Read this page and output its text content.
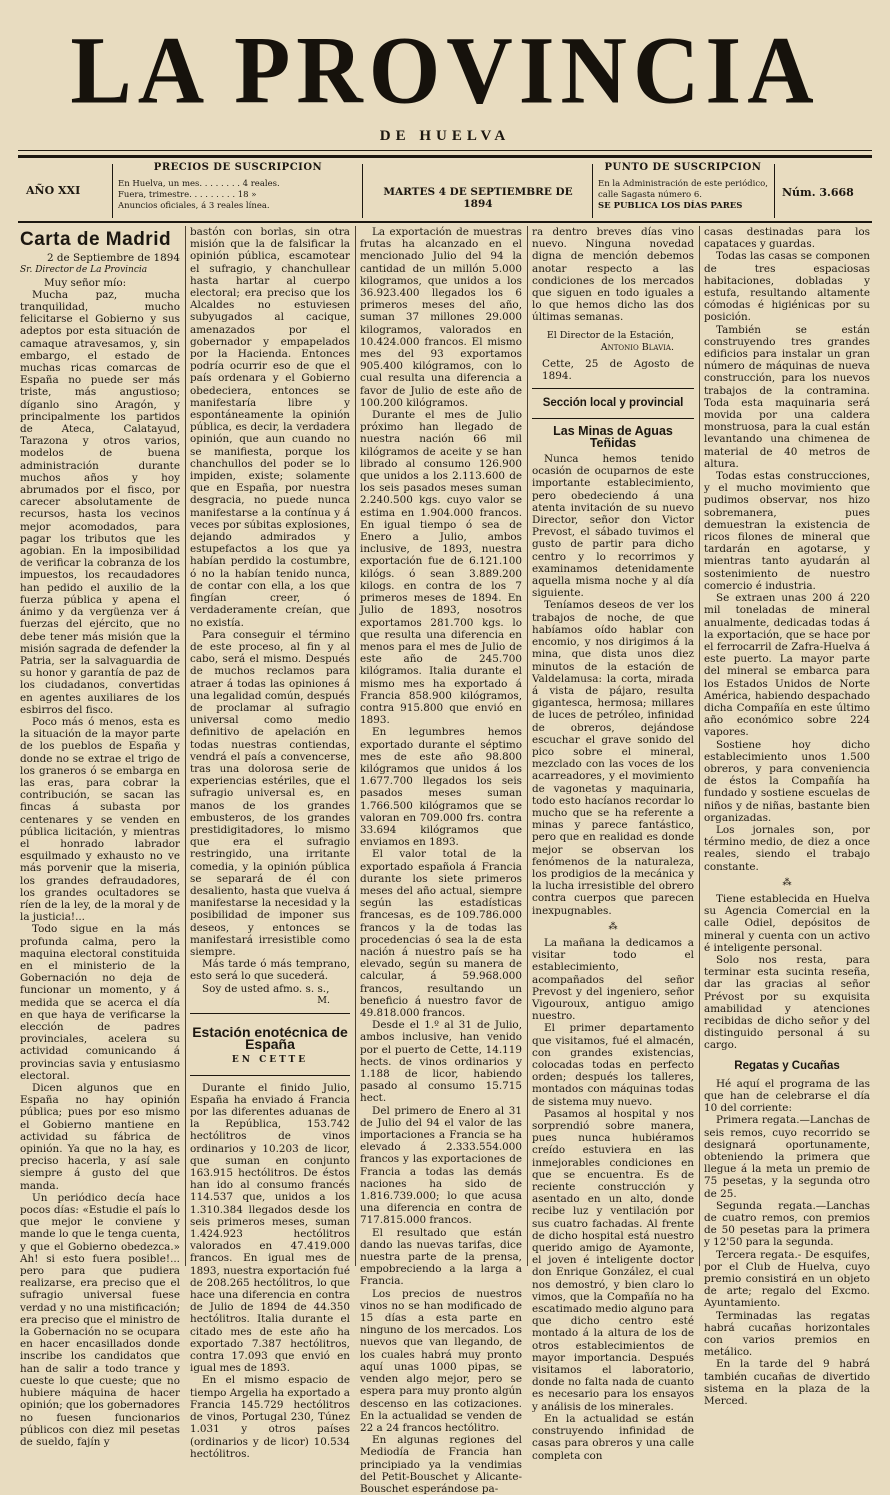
LA PROVINCIA
DE HUELVA
AÑO XXI
PRECIOS DE SUSCRIPCION
En Huelva, un mes. . . . . . . . 4 reales.
Fuera, trimestre. . . . . . . . . 18 »
Anuncios oficiales, á 3 reales línea.
MARTES 4 DE SEPTIEMBRE DE 1894
PUNTO DE SUSCRIPCION
En la Administración de este periódico,
calle Sagasta número 6.
SE PUBLICA LOS DÍAS PARES
Núm. 3.668
Carta de Madrid
2 de Septiembre de 1894
Sr. Director de La Provincia
Muy señor mío:

Mucha paz, mucha tranquilidad, mucho felicitarse el Gobierno y sus adeptos por esta situación de camaque atravesamos, y, sin embargo, el estado de muchas ricas comarcas de España no puede ser más triste, más angustioso; díganlo sino Aragón, y principalmente los partidos de Ateca, Calatayud, Tarazona y otros varios, modelos de buena administración durante muchos años y hoy abrumados por el fisco, por carecer absolutamente de recursos, hasta los vecinos mejor acomodados, para pagar los tributos que les agobian. En la imposibilidad de verificar la cobranza de los impuestos, los recaudadores han pedido el auxilio de la fuerza pública y apena el ánimo y da vergüenza ver á fuerzas del ejército, que no debe tener más misión que la misión sagrada de defender la Patria, ser la salvaguardia de su honor y garantía de paz de los ciudadanos, convertidas en agentes auxiliares de los esbirros del fisco.

Poco más ó menos, esta es la situación de la mayor parte de los pueblos de España y donde no se extrae el trigo de los graneros ó se embarga en las eras, para cobrar la contribución, se sacan las fincas á subasta por centenares y se venden en pública licitación, y mientras el honrado labrador esquilmado y exhausto no ve más porvenir que la miseria, los grandes defraudadores, los grandes ocultadores se ríen de la ley, de la moral y de la justicia!...

Todo sigue en la más profunda calma, pero la maquina electoral constituida en el ministerio de la Gobernación no deja de funcionar un momento, y á medida que se acerca el día en que haya de verificarse la elección de padres provinciales, acelera su actividad comunicando á provincias savia y entusiasmo electoral.

Dicen algunos que en España no hay opinión pública; pues por eso mismo el Gobierno mantiene en actividad su fábrica de opinión. Ya que no la hay, es preciso hacerla, y así sale siempre á gusto del que manda.

Un periódico decía hace pocos días: «Estudie el país lo que mejor le conviene y mande lo que le tenga cuenta, y que el Gobierno obedezca.» Ah! si esto fuera posible!... pero para que pudiera realizarse, era preciso que el sufragio universal fuese verdad y no una mistificación; era preciso que el ministro de la Gobernación no se ocupara en hacer encasillados donde inscribe los candidatos que han de salir a todo trance y cueste lo que cueste; que no hubiere máquina de hacer opinión; que los gobernadores no fuesen funcionarios públicos con diez mil pesetas de sueldo, fajín y

bastón con borlas, sin otra misión que la de falsificar la opinión pública, escamotear el sufragio, y chanchullear hasta hartar al cuerpo electoral; era preciso que los Alcaldes no estuviesen subyugados al cacique, amenazados por el gobernador y empapelados por la Hacienda. Entonces podría ocurrir eso de que el país ordenara y el Gobierno obedeciera, entonces se manifestaría libre y espontáneamente la opinión pública, es decir, la verdadera opinión, que aun cuando no se manifiesta, porque los chanchullos del poder se lo impiden, existe; solamente que en España, por nuestra desgracia, no puede nunca manifestarse a la contínua y á veces por súbitas explosiones, dejando admirados y estupefactos a los que ya habían perdido la costumbre, ó no la habían tenido nunca, de contar con ella, a los que fingían creer, ó verdaderamente creían, que no existía.

Para conseguir el término de este proceso, al fin y al cabo, será el mismo. Después de muchos reclamos para atraer á todas las opiniones á una legalidad común, después de proclamar al sufragio universal como medio definitivo de apelación en todas nuestras contiendas, vendrá el país a convencerse, tras una dolorosa serie de experiencias estériles, que el sufragio universal es, en manos de los grandes embusteros, de los grandes prestidigitadores, lo mismo que era el sufragio restringido, una irritante comedia, y la opinión pública se separará de él con desaliento, hasta que vuelva á manifestarse la necesidad y la posibilidad de imponer sus deseos, y entonces se manifestará irresistible como siempre.

Más tarde ó más temprano, esto será lo que sucederá.

Soy de usted afmo. s. s.,

M.
Estación enotécnica de España
EN CETTE

Durante el finido Julio, España ha enviado á Francia por las diferentes aduanas de la República, 153.742 hectólitros de vinos ordinarios y 10.203 de licor, que suman en conjunto 163.915 hectólitros. De éstos han ido al consumo francés 114.537 que, unidos a los 1.310.384 llegados desde los seis primeros meses, suman 1.424.923 hectólitros valorados en 47.419.000 francos. En igual mes de 1893, nuestra exportación fué de 208.265 hectólitros, lo que hace una diferencia en contra de Julio de 1894 de 44.350 hectólitros. Italia durante el citado mes de este año ha exportado 7.387 hectólitros, contra 17.093 que envió en igual mes de 1893.

En el mismo espacio de tiempo Argelia ha exportado a Francia 145.729 hectólitros de vinos, Portugal 230, Túnez 1.031 y otros países (ordinarios y de licor) 10.534 hectólitros.

La exportación de muestras frutas ha alcanzado en el mencionado Julio del 94 la cantidad de un millón 5.000 kilogramos, que unidos a los 36.923.400 llegados los 6 primeros meses del año, suman 37 millones 29.000 kilogramos, valorados en 10.424.000 francos. El mismo mes del 93 exportamos 905.400 kilógramos, con lo cual resulta una diferencia a favor de Julio de este año de 100.200 kilógramos.

Durante el mes de Julio próximo han llegado de nuestra nación 66 mil kilógramos de aceite y se han librado al consumo 126.900 que unidos a los 2.113.600 de los seis pasados meses suman 2.240.500 kgs. cuyo valor se estima en 1.904.000 francos. En igual tiempo ó sea de Enero a Julio, ambos inclusive, de 1893, nuestra exportación fue de 6.121.100 kilógs. ó sean 3.889.200 kilogs. en contra de los 7 primeros meses de 1894. En Julio de 1893, nosotros exportamos 281.700 kgs. lo que resulta una diferencia en menos para el mes de Julio de este año de 245.700 kilógramos. Italia durante el mismo mes ha exportado á Francia 858.900 kilógramos, contra 915.800 que envió en 1893.

En legumbres hemos exportado durante el séptimo mes de este año 98.800 kilógramos que unidos á los 1.677.700 llegados los seis pasados meses suman 1.766.500 kilógramos que se valoran en 709.000 frs. contra 33.694 kilógramos que enviamos en 1893.

El valor total de la exportado española á Francia durante los siete primeros meses del año actual, siempre según las estadísticas francesas, es de 109.786.000 francos y la de todas las procedencias ó sea la de esta nación á nuestro país se ha elevado, según su manera de calcular, á 59.968.000 francos, resultando un beneficio á nuestro favor de 49.818.000 francos.

Desde el 1.º al 31 de Julio, ambos inclusive, han venido por el puerto de Cette, 14.119 hects. de vinos ordinarios y 1.188 de licor, habiendo pasado al consumo 15.715 hect.

Del primero de Enero al 31 de Julio del 94 el valor de las importaciones a Francia se ha elevado á 2.333.554.000 francos y las exportaciones de Francia a todas las demás naciones ha sido de 1.816.739.000; lo que acusa una diferencia en contra de 717.815.000 francos.

El resultado que están dando las nuevas tarifas, dice nuestra parte de la prensa, empobreciendo a la larga a Francia.

Los precios de nuestros vinos no se han modificado de 15 días a esta parte en ninguno de los mercados. Los nuevos que van llegando, de los cuales habrá muy pronto aquí unas 1000 pipas, se venden algo mejor, pero se espera para muy pronto algún descenso en las cotizaciones. En la actualidad se venden de 22 a 24 francos hectólitro.

En algunas regiones del Mediodía de Francia han principiado ya la vendimias del Petit-Bouschet y Alicante-Bouschet esperándose pa-

ra dentro breves días vino nuevo. Ninguna novedad digna de mención debemos anotar respecto a las condiciones de los mercados que siguen en todo iguales a lo que hemos dicho las dos últimas semanas.

El Director de la Estación,
Antonio Blavia.
Cette, 25 de Agosto de 1894.
Sección local y provincial
Las Minas de Aguas Teñidas

Nunca hemos tenido ocasión de ocuparnos de este importante establecimiento, pero obedeciendo á una atenta invitación de su nuevo Director, señor don Victor Prevost, el sábado tuvimos el gusto de partir para dicho centro y lo recorrimos y examinamos detenidamente aquella misma noche y al día siguiente.

Teníamos deseos de ver los trabajos de noche, de que habíamos oído hablar con encomio, y nos dirigimos á la mina, que dista unos diez minutos de la estación de Valdelamusa: la corta, mirada á vista de pájaro, resulta gigantesca, hermosa; millares de luces de petróleo, infinidad de obreros, dejándose escuchar el grave sonido del pico sobre el mineral, mezclado con las voces de los acarreadores, y el movimiento de vagonetas y maquinaria, todo esto hacíanos recordar lo mucho que se ha referente a minas y parece fantástico, pero que en realidad es donde mejor se observan los fenómenos de la naturaleza, los prodigios de la mecánica y la lucha irresistible del obrero contra cuerpos que parecen inexpugnables.

⁂

La mañana la dedicamos a visitar todo el establecimiento, acompañados del señor Prevost y del ingeniero, señor Vigouroux, antiguo amigo nuestro.

El primer departamento que visitamos, fué el almacén, con grandes existencias, colocadas todas en perfecto orden; después los talleres, montados con máquinas todas de sistema muy nuevo.

Pasamos al hospital y nos sorprendió sobre manera, pues nunca hubiéramos creído estuviera en las inmejorables condiciones en que se encuentra. Es de reciente construcción y asentado en un alto, donde recibe luz y ventilación por sus cuatro fachadas. Al frente de dicho hospital está nuestro querido amigo de Ayamonte, el joven é inteligente doctor don Enrique González, el cual nos demostró, y bien claro lo vimos, que la Compañía no ha escatimado medio alguno para que dicho centro esté montado á la altura de los de otros establecimientos de mayor importancia. Después visitamos el laboratorio, donde no falta nada de cuanto es necesario para los ensayos y análisis de los minerales.

En la actualidad se están construyendo infinidad de casas para obreros y una calle completa con

casas destinadas para los capataces y guardas.

Todas las casas se componen de tres espaciosas habitaciones, dobladas y estufa, resultando altamente cómodas é higiénicas por su posición.

También se están construyendo tres grandes edificios para instalar un gran número de máquinas de nueva construcción, para los nuevos trabajos de la contramina. Toda esta maquinaria será movida por una caldera monstruosa, para la cual están levantando una chimenea de material de 40 metros de altura.

Todas estas construcciones, y el mucho movimiento que pudimos observar, nos hizo sobremanera, pues demuestran la existencia de ricos filones de mineral que tardarán en agotarse, y mientras tanto ayudarán al sostenimiento de nuestro comercio é industria.

Se extraen unas 200 á 220 mil toneladas de mineral anualmente, dedicadas todas á la exportación, que se hace por el ferrocarril de Zafra-Huelva á este puerto. La mayor parte del mineral se embarca para los Estados Unidos de Norte América, habiendo despachado dicha Compañía en este último año económico sobre 224 vapores.

Sostiene hoy dicho establecimiento unos 1.500 obreros, y para conveniencia de éstos la Compañía ha fundado y sostiene escuelas de niños y de niñas, bastante bien organizadas.

Los jornales son, por término medio, de diez a once reales, siendo el trabajo constante.

⁂

Tiene establecida en Huelva su Agencia Comercial en la calle Odiel, depósitos de mineral y cuenta con un activo é inteligente personal.

Solo nos resta, para terminar esta sucinta reseña, dar las gracias al señor Prévost por su exquisita amabilidad y atenciones recibidas de dicho señor y del distinguido personal á su cargo.

Regatas y Cucañas

Hé aquí el programa de las que han de celebrarse el día 10 del corriente:

Primera regata.—Lanchas de seis remos, cuyo recorrido se designará oportunamente, obteniendo la primera que llegue á la meta un premio de 75 pesetas, y la segunda otro de 25.

Segunda regata.—Lanchas de cuatro remos, con premios de 50 pesetas para la primera y 12'50 para la segunda.

Tercera regata.- De esquifes, por el Club de Huelva, cuyo premio consistirá en un objeto de arte; regalo del Excmo. Ayuntamiento.

Terminadas las regatas habrá cucañas horizontales con varios premios en metálico.

En la tarde del 9 habrá también cucañas de divertido sistema en la plaza de la Merced.
